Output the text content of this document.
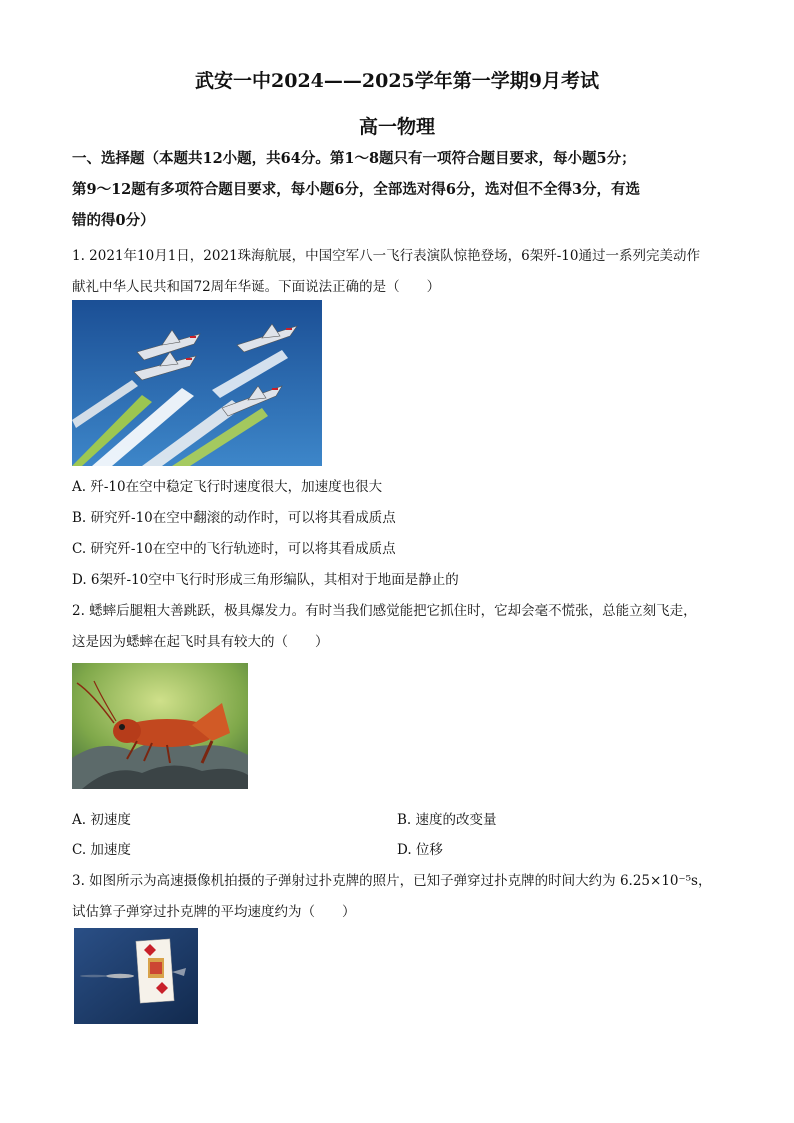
武安一中2024——2025学年第一学期9月考试
高一物理
一、选择题（本题共12小题，共64分。第1～8题只有一项符合题目要求，每小题5分；
第9～12题有多项符合题目要求，每小题6分，全部选对得6分，选对但不全得3分，有选
错的得0分）
1. 2021年10月1日，2021珠海航展，中国空军八一飞行表演队惊艳登场，6架歼-10通过一系列完美动作
献礼中华人民共和国72周年华诞。下面说法正确的是（　　）
A. 歼-10在空中稳定飞行时速度很大，加速度也很大
B. 研究歼-10在空中翻滚的动作时，可以将其看成质点
C. 研究歼-10在空中的飞行轨迹时，可以将其看成质点
D. 6架歼-10空中飞行时形成三角形编队，其相对于地面是静止的
2. 蟋蟀后腿粗大善跳跃，极具爆发力。有时当我们感觉能把它抓住时，它却会毫不慌张，总能立刻飞走，
这是因为蟋蟀在起飞时具有较大的（　　）
A. 初速度	B. 速度的改变量
C. 加速度	D. 位移
3. 如图所示为高速摄像机拍摄的子弹射过扑克牌的照片，已知子弹穿过扑克牌的时间大约为 6.25×10⁻⁵s，
试估算子弹穿过扑克牌的平均速度约为（　　）
